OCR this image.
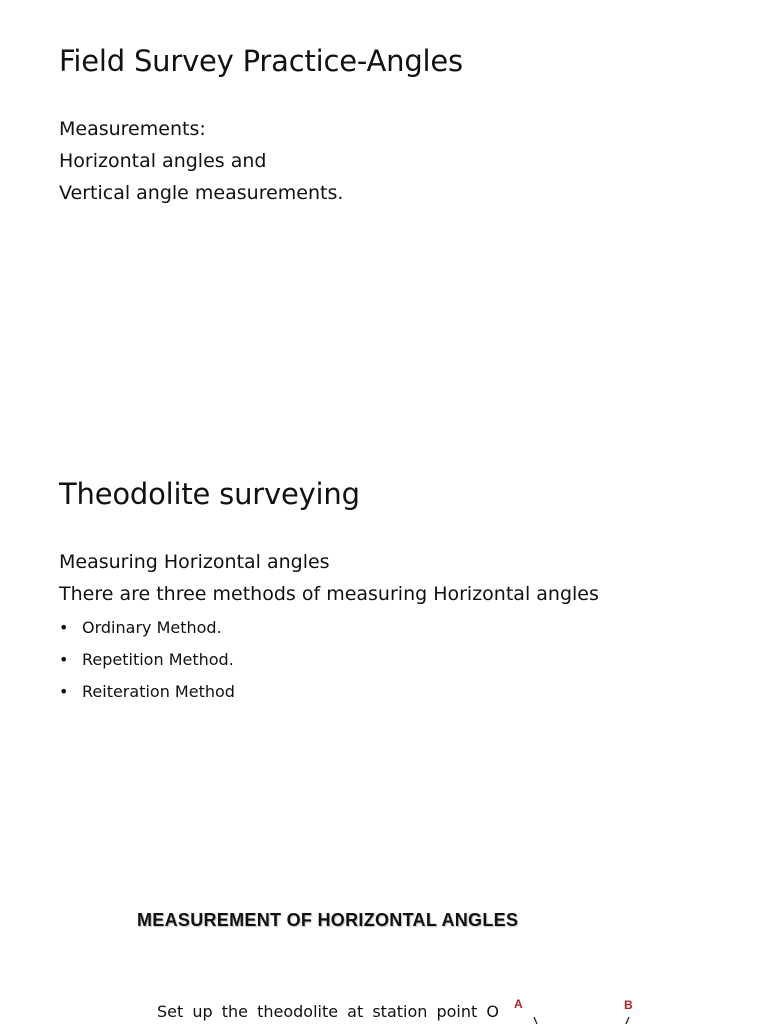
Field Survey Practice-Angles
Measurements:
Horizontal angles and
Vertical angle measurements.
Theodolite surveying
Measuring Horizontal angles
There are three methods of measuring Horizontal angles
• Ordinary Method.
• Repetition Method.
• Reiteration Method
MEASUREMENT OF HORIZONTAL ANGLES
Set up the theodolite at station point O A	B
